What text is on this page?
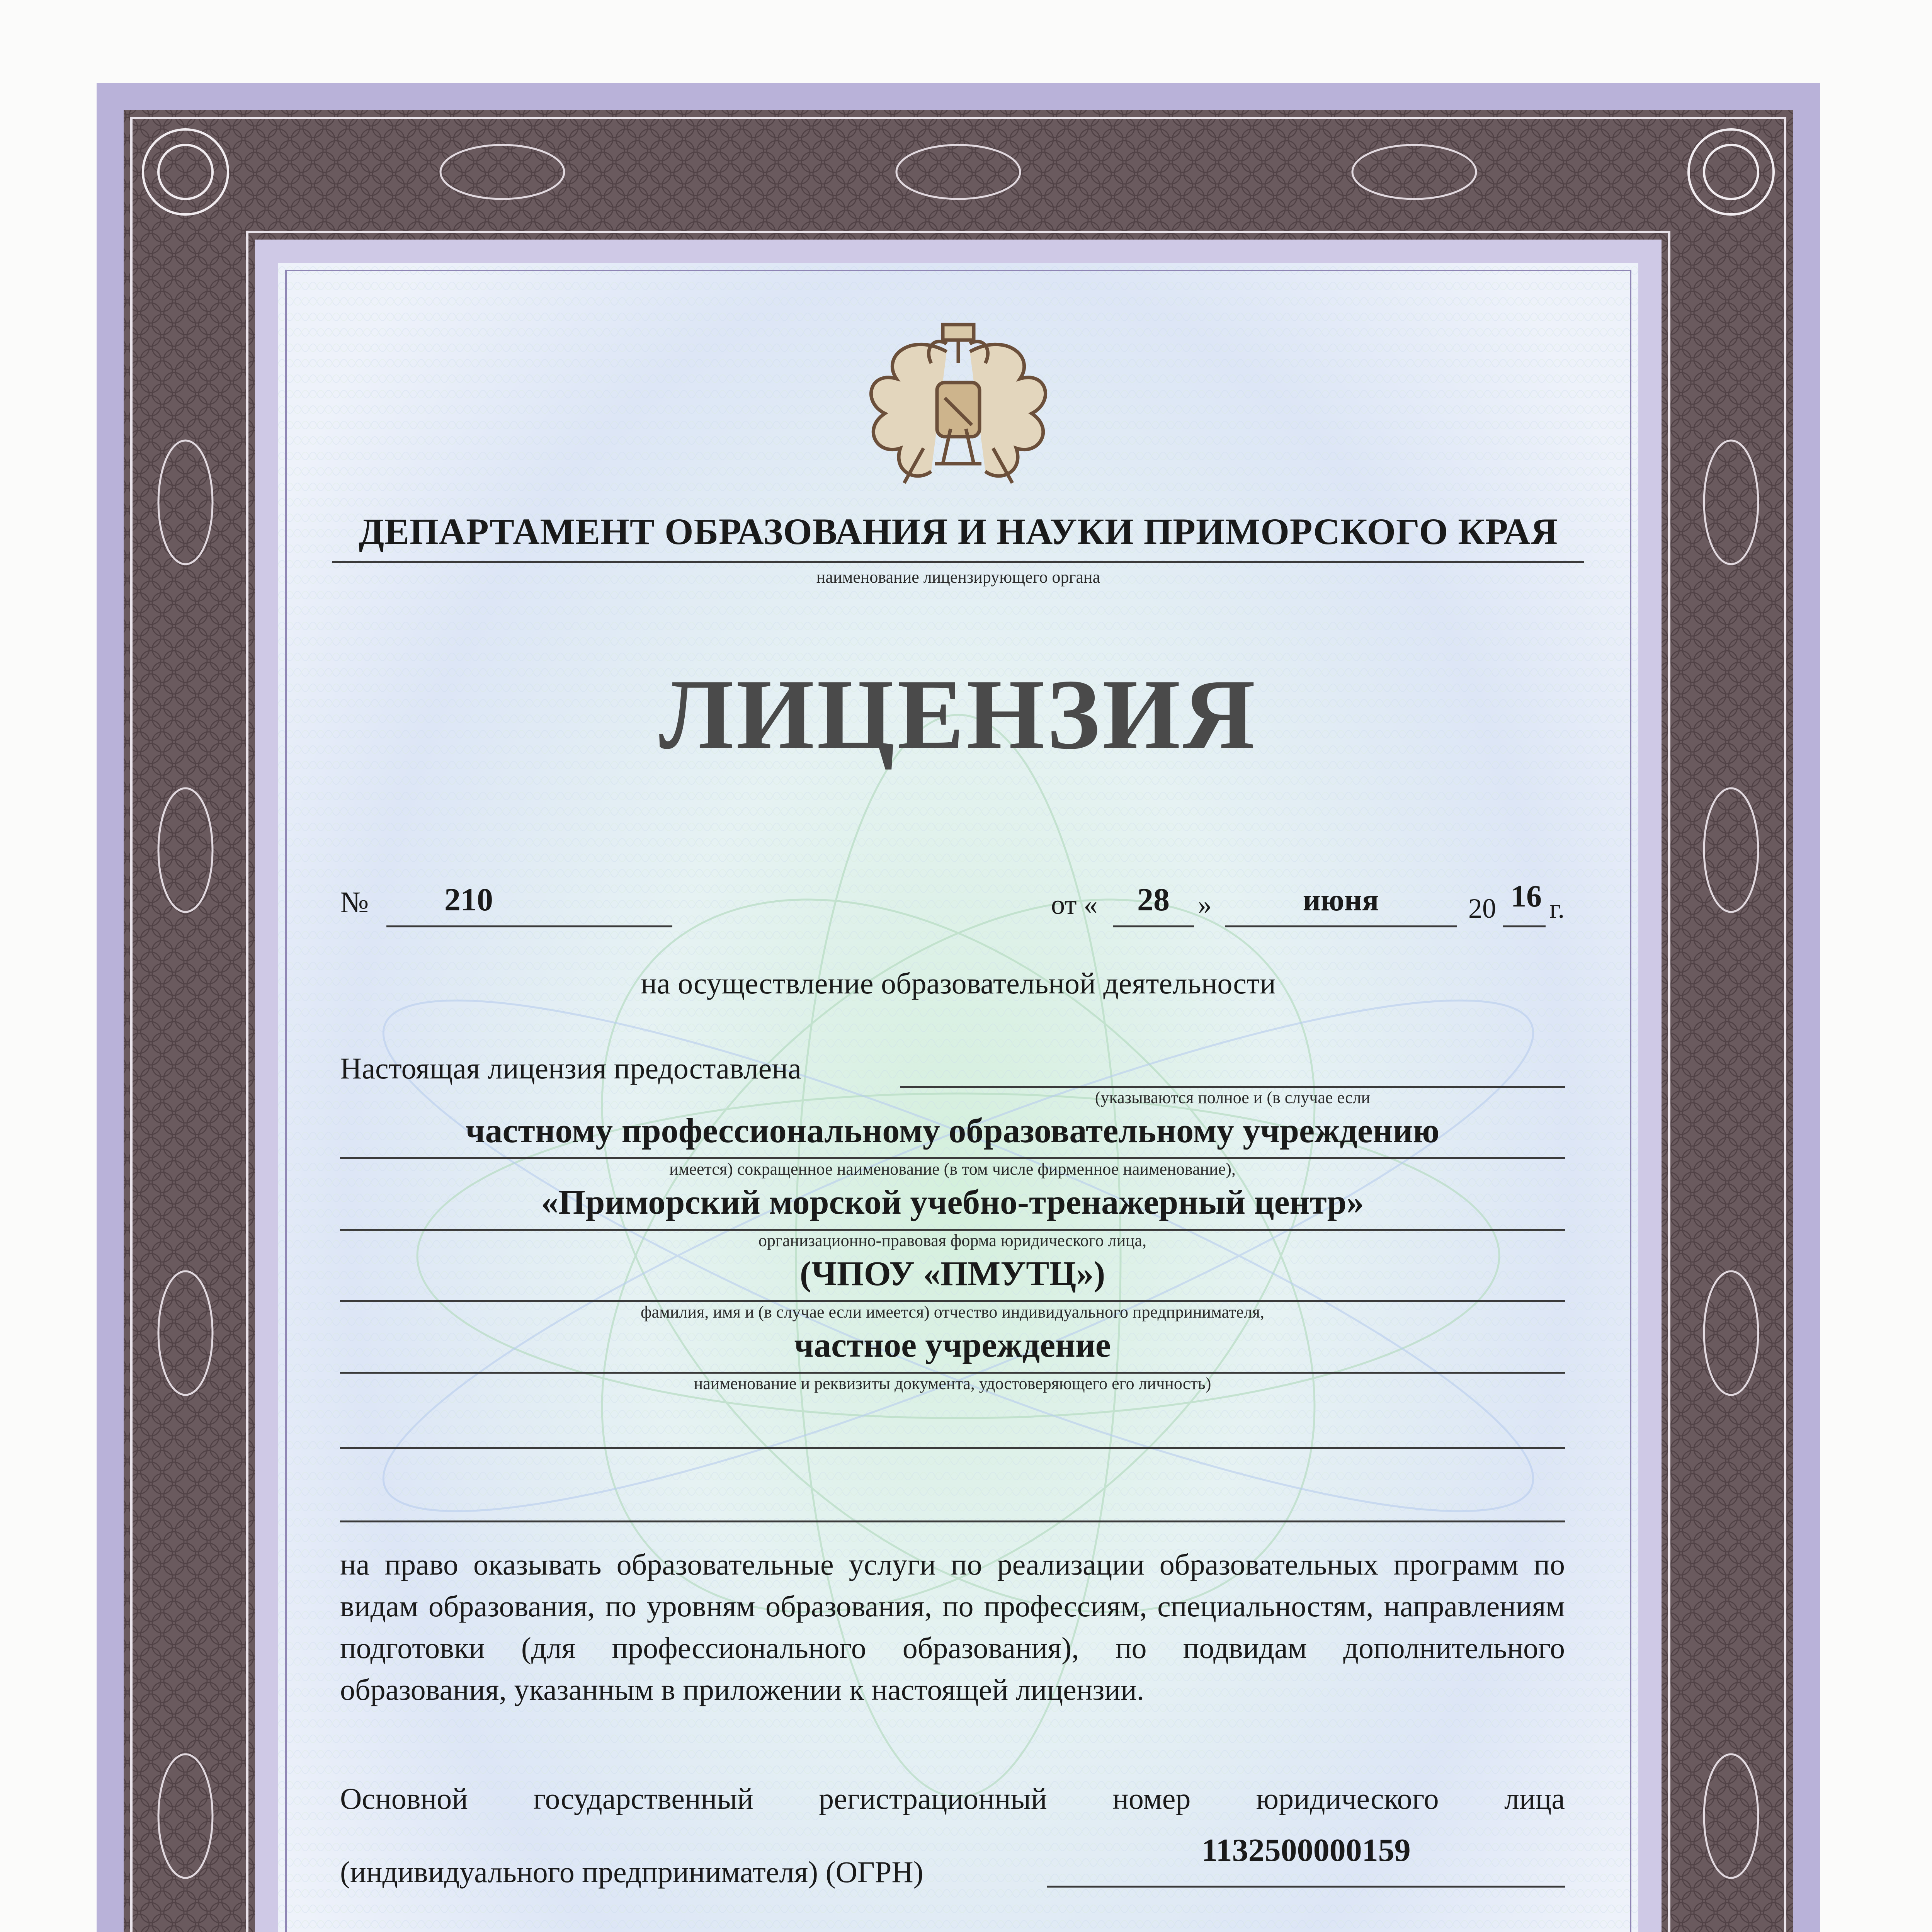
ДЕПАРТАМЕНТ ОБРАЗОВАНИЯ И НАУКИ ПРИМОРСКОГО КРАЯ
наименование лицензирующего органа
ЛИЦЕНЗИЯ
№	210	от «	28	»	июня	20 16 г.
на осуществление образовательной деятельности
Настоящая лицензия предоставлена
(указываются полное и (в случае если
частному профессиональному образовательному учреждению
имеется) сокращенное наименование (в том числе фирменное наименование),
«Приморский морской учебно-тренажерный центр»
организационно-правовая форма юридического лица,
(ЧПОУ «ПМУТЦ»)
фамилия, имя и (в случае если имеется) отчество индивидуального предпринимателя,
частное учреждение
наименование и реквизиты документа, удостоверяющего его личность)
на право оказывать образовательные услуги по реализации образовательных программ по видам образования, по уровням образования, по профессиям, специальностям, направлениям подготовки (для профессионального образования), по подвидам дополнительного образования, указанным в приложении к настоящей лицензии.
Основной государственный регистрационный номер юридического лица
(индивидуального предпринимателя) (ОГРН)
1132500000159
